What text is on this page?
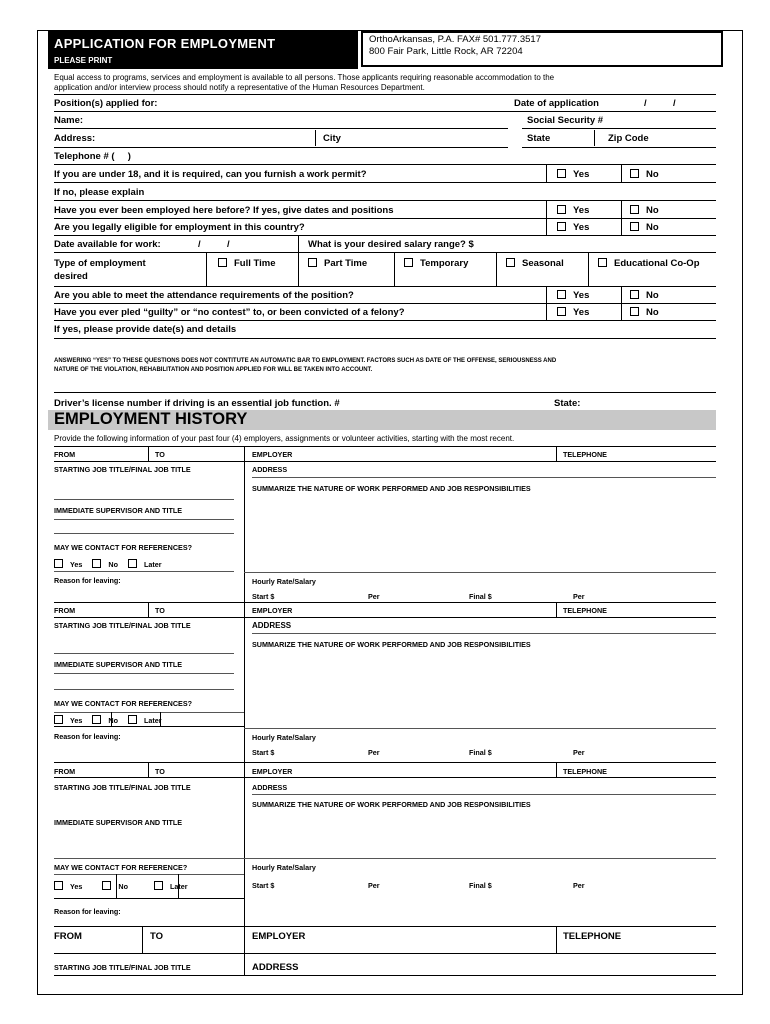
APPLICATION FOR EMPLOYMENT
PLEASE PRINT
OrthoArkansas, P.A. FAX# 501.777.3517
800 Fair Park, Little Rock, AR 72204
Equal access to programs, services and employment is available to all persons. Those applicants requiring reasonable accommodation to the
application and/or interview process should notify a representative of the Human Resources Department.
Position(s) applied for:	Date of application	/          /
Name:	Social Security #
Address:	City	State	Zip Code
Telephone # (     )
If you are under 18, and it is required, can you furnish a work permit?	Yes	No
If no, please explain
Have you ever been employed here before? If yes, give dates and positions	Yes	No
Are you legally eligible for employment in this country?	Yes	No
Date available for work:	/          /	What is your desired salary range? $
Type of employment
desired
Full Time	Part Time	Temporary	Seasonal	Educational Co-Op
Are you able to meet the attendance requirements of the position?	Yes	No
Have you ever pled “guilty” or “no contest” to, or been convicted of a felony?	Yes	No
If yes, please provide date(s) and details
ANSWERING “YES” TO THESE QUESTIONS DOES NOT CONTITUTE AN AUTOMATIC BAR TO EMPLOYMENT. FACTORS SUCH AS DATE OF THE OFFENSE, SERIOUSNESS AND
NATURE OF THE VIOLATION, REHABILITATION AND POSITION APPLIED FOR WILL BE TAKEN INTO ACCOUNT.
Driver’s license number if driving is an essential job function. #	State:
EMPLOYMENT HISTORY
Provide the following information of your past four (4) employers, assignments or volunteer activities, starting with the most recent.
FROM	TO	EMPLOYER	TELEPHONE
STARTING JOB TITLE/FINAL JOB TITLE	ADDRESS
SUMMARIZE THE NATURE OF WORK PERFORMED AND JOB RESPONSIBILITIES
IMMEDIATE SUPERVISOR AND TITLE
MAY WE CONTACT FOR REFERENCES?
Yes	No	Later
Reason for leaving:	Hourly Rate/Salary
Start $	Per	Final $	Per
FROM	TO	EMPLOYER	TELEPHONE
STARTING JOB TITLE/FINAL JOB TITLE	ADDRESS
SUMMARIZE THE NATURE OF WORK PERFORMED AND JOB RESPONSIBILITIES
IMMEDIATE SUPERVISOR AND TITLE
MAY WE CONTACT FOR REFERENCES?
Yes	No	Later
Reason for leaving:	Hourly Rate/Salary
Start $	Per	Final $	Per
FROM	TO	EMPLOYER	TELEPHONE
STARTING JOB TITLE/FINAL JOB TITLE	ADDRESS
SUMMARIZE THE NATURE OF WORK PERFORMED AND JOB RESPONSIBILITIES
IMMEDIATE SUPERVISOR AND TITLE
MAY WE CONTACT FOR REFERENCE?	Hourly Rate/Salary
Yes	No	Later	Start $	Per	Final $	Per
Reason for leaving:
FROM	TO	EMPLOYER	TELEPHONE
STARTING JOB TITLE/FINAL JOB TITLE	ADDRESS
